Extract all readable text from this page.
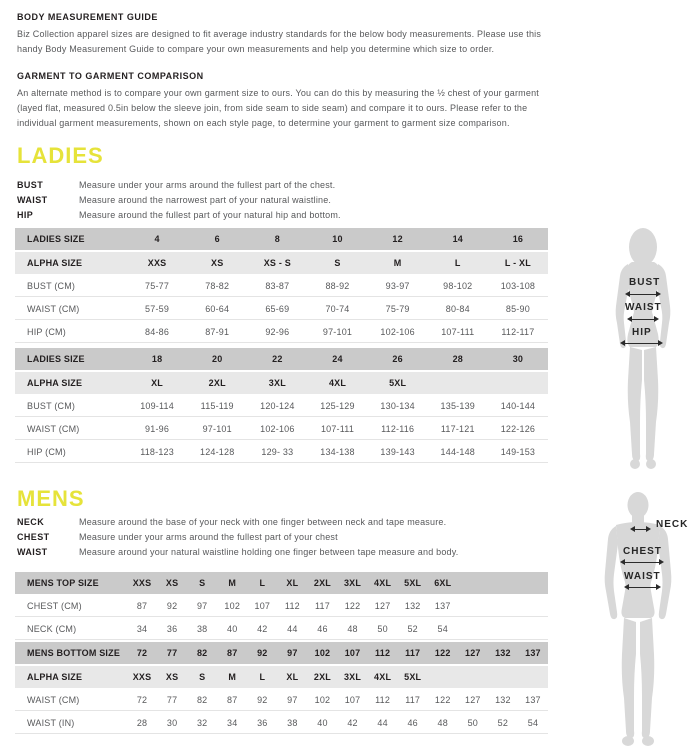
BODY MEASUREMENT GUIDE
Biz Collection apparel sizes are designed to fit average industry standards for the below body measurements. Please use this handy Body Measurement Guide to compare your own measurements and help you determine which size to order.
GARMENT TO GARMENT COMPARISON
An alternate method is to compare your own garment size to ours. You can do this by measuring the ½ chest of your garment (layed flat, measured 0.5in below the sleeve join, from side seam to side seam) and compare it to ours. Please refer to the individual garment measurements, shown on each style page, to determine your garment to garment size comparison.
LADIES
BUST	Measure under your arms around the fullest part of the chest.
WAIST	Measure around the narrowest part of your natural waistline.
HIP	Measure around the fullest part of your natural hip and bottom.
LADIES SIZE	4	6	8	10	12	14	16
ALPHA SIZE	XXS	XS	XS - S	S	M	L	L - XL
BUST (CM)	75-77	78-82	83-87	88-92	93-97	98-102	103-108
WAIST (CM)	57-59	60-64	65-69	70-74	75-79	80-84	85-90
HIP (CM)	84-86	87-91	92-96	97-101	102-106	107-111	112-117
LADIES SIZE	18	20	22	24	26	28	30
ALPHA SIZE	XL	2XL	3XL	4XL	5XL
BUST (CM)	109-114	115-119	120-124	125-129	130-134	135-139	140-144
WAIST (CM)	91-96	97-101	102-106	107-111	112-116	117-121	122-126
HIP (CM)	118-123	124-128	129- 33	134-138	139-143	144-148	149-153
BUST
WAIST
HIP
MENS
NECK	Measure around the base of your neck with one finger between neck and tape measure.
CHEST	Measure under your arms around the fullest part of your chest
WAIST	Measure around your natural waistline holding one finger between tape measure and body.
MENS TOP SIZE	XXS	XS	S	M	L	XL	2XL	3XL	4XL	5XL	6XL
CHEST (CM)	87	92	97	102	107	112	117	122	127	132	137
NECK (CM)	34	36	38	40	42	44	46	48	50	52	54
MENS BOTTOM SIZE	72	77	82	87	92	97	102	107	112	117	122	127	132	137
ALPHA SIZE	XXS	XS	S	M	L	XL	2XL	3XL	4XL	5XL
WAIST (CM)	72	77	82	87	92	97	102	107	112	117	122	127	132	137
WAIST (IN)	28	30	32	34	36	38	40	42	44	46	48	50	52	54
NECK
CHEST
WAIST
